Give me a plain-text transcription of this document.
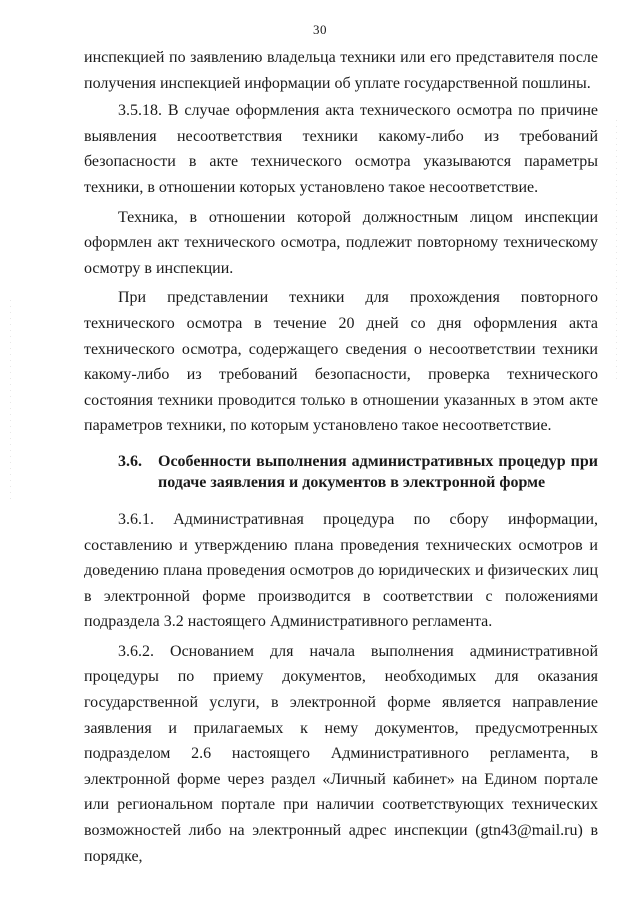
30

инспекцией по заявлению владельца техники или его представителя после получения инспекцией информации об уплате государственной пошлины.

3.5.18. В случае оформления акта технического осмотра по причине выявления несоответствия техники какому-либо из требований безопасности в акте технического осмотра указываются параметры техники, в отношении которых установлено такое несоответствие.

Техника, в отношении которой должностным лицом инспекции оформлен акт технического осмотра, подлежит повторному техническому осмотру в инспекции.

При представлении техники для прохождения повторного технического осмотра в течение 20 дней со дня оформления акта технического осмотра, содержащего сведения о несоответствии техники какому-либо из требований безопасности, проверка технического состояния техники проводится только в отношении указанных в этом акте параметров техники, по которым установлено такое несоответствие.

3.6.	Особенности выполнения административных процедур при подаче заявления и документов в электронной форме

3.6.1. Административная процедура по сбору информации, составлению и утверждению плана проведения технических осмотров и доведению плана проведения осмотров до юридических и физических лиц в электронной форме производится в соответствии с положениями подраздела 3.2 настоящего Административного регламента.

3.6.2. Основанием для начала выполнения административной процедуры по приему документов, необходимых для оказания государственной услуги, в электронной форме является направление заявления и прилагаемых к нему документов, предусмотренных подразделом 2.6 настоящего Административного регламента, в электронной форме через раздел «Личный кабинет» на Едином портале или региональном портале при наличии соответствующих технических возможностей либо на электронный адрес инспекции (gtn43@mail.ru) в порядке,
